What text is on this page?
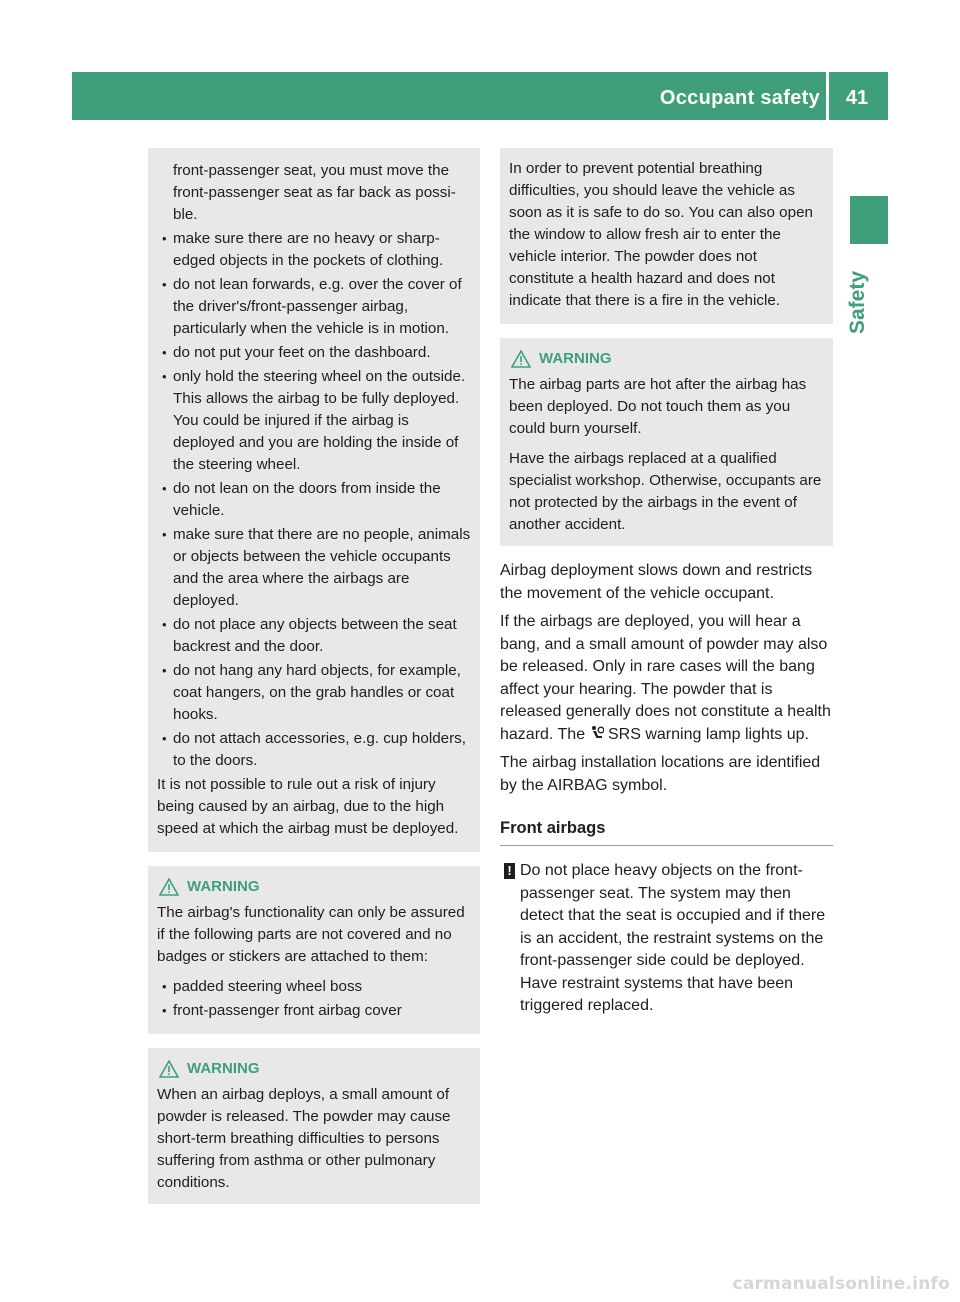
Occupant safety	41
Safety
front-passenger seat, you must move the
front-passenger seat as far back as possi-
ble.
• make sure there are no heavy or sharp-edged objects in the pockets of clothing.
• do not lean forwards, e.g. over the cover of the driver's/front-passenger airbag, particularly when the vehicle is in motion.
• do not put your feet on the dashboard.
• only hold the steering wheel on the outside. This allows the airbag to be fully deployed. You could be injured if the airbag is deployed and you are holding the inside of the steering wheel.
• do not lean on the doors from inside the vehicle.
• make sure that there are no people, animals or objects between the vehicle occupants and the area where the airbags are deployed.
• do not place any objects between the seat backrest and the door.
• do not hang any hard objects, for example, coat hangers, on the grab handles or coat hooks.
• do not attach accessories, e.g. cup holders, to the doors.

It is not possible to rule out a risk of injury being caused by an airbag, due to the high speed at which the airbag must be deployed.

WARNING

The airbag's functionality can only be assured if the following parts are not covered and no badges or stickers are attached to them:

• padded steering wheel boss
• front-passenger front airbag cover
WARNING

When an airbag deploys, a small amount of powder is released. The powder may cause short-term breathing difficulties to persons suffering from asthma or other pulmonary conditions.

In order to prevent potential breathing difficulties, you should leave the vehicle as soon as it is safe to do so. You can also open the window to allow fresh air to enter the vehicle interior. The powder does not constitute a health hazard and does not indicate that there is a fire in the vehicle.

WARNING

The airbag parts are hot after the airbag has been deployed. Do not touch them as you could burn yourself.

Have the airbags replaced at a qualified specialist workshop. Otherwise, occupants are not protected by the airbags in the event of another accident.

Airbag deployment slows down and restricts the movement of the vehicle occupant.

If the airbags are deployed, you will hear a bang, and a small amount of powder may also be released. Only in rare cases will the bang affect your hearing. The powder that is released generally does not constitute a health hazard. The SRS warning lamp lights up.

The airbag installation locations are identified by the AIRBAG symbol.

Front airbags
! Do not place heavy objects on the front-passenger seat. The system may then detect that the seat is occupied and if there is an accident, the restraint systems on the front-passenger side could be deployed. Have restraint systems that have been triggered replaced.

carmanualsonline.info
